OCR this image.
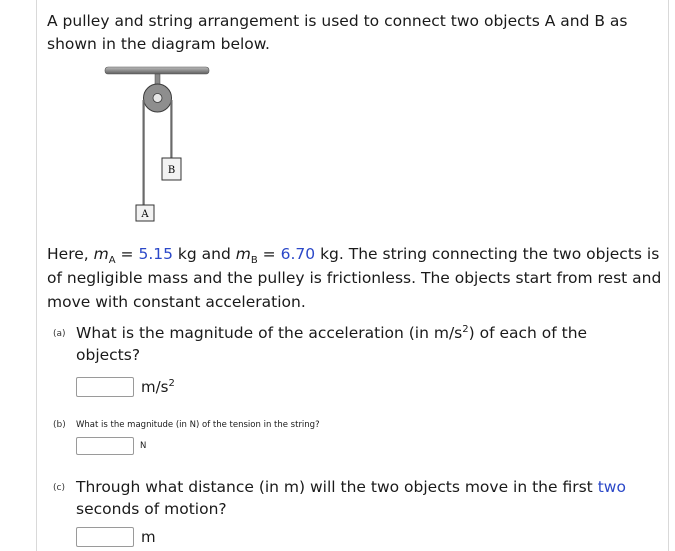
A pulley and string arrangement is used to connect two objects A and B as shown in the diagram below.
B
A
Here, $m_A = 5.15$ kg and $m_B = 6.70$ kg. The string connecting the two objects is of negligible mass and the pulley is frictionless. The objects start from rest and move with constant acceleration.
(a) What is the magnitude of the acceleration (in $m/s^2$) of each of the objects?
$m/s^2$
(b) What is the magnitude (in N) of the tension in the string?
N
(c) Through what distance (in m) will the two objects move in the first two seconds of motion?
m
